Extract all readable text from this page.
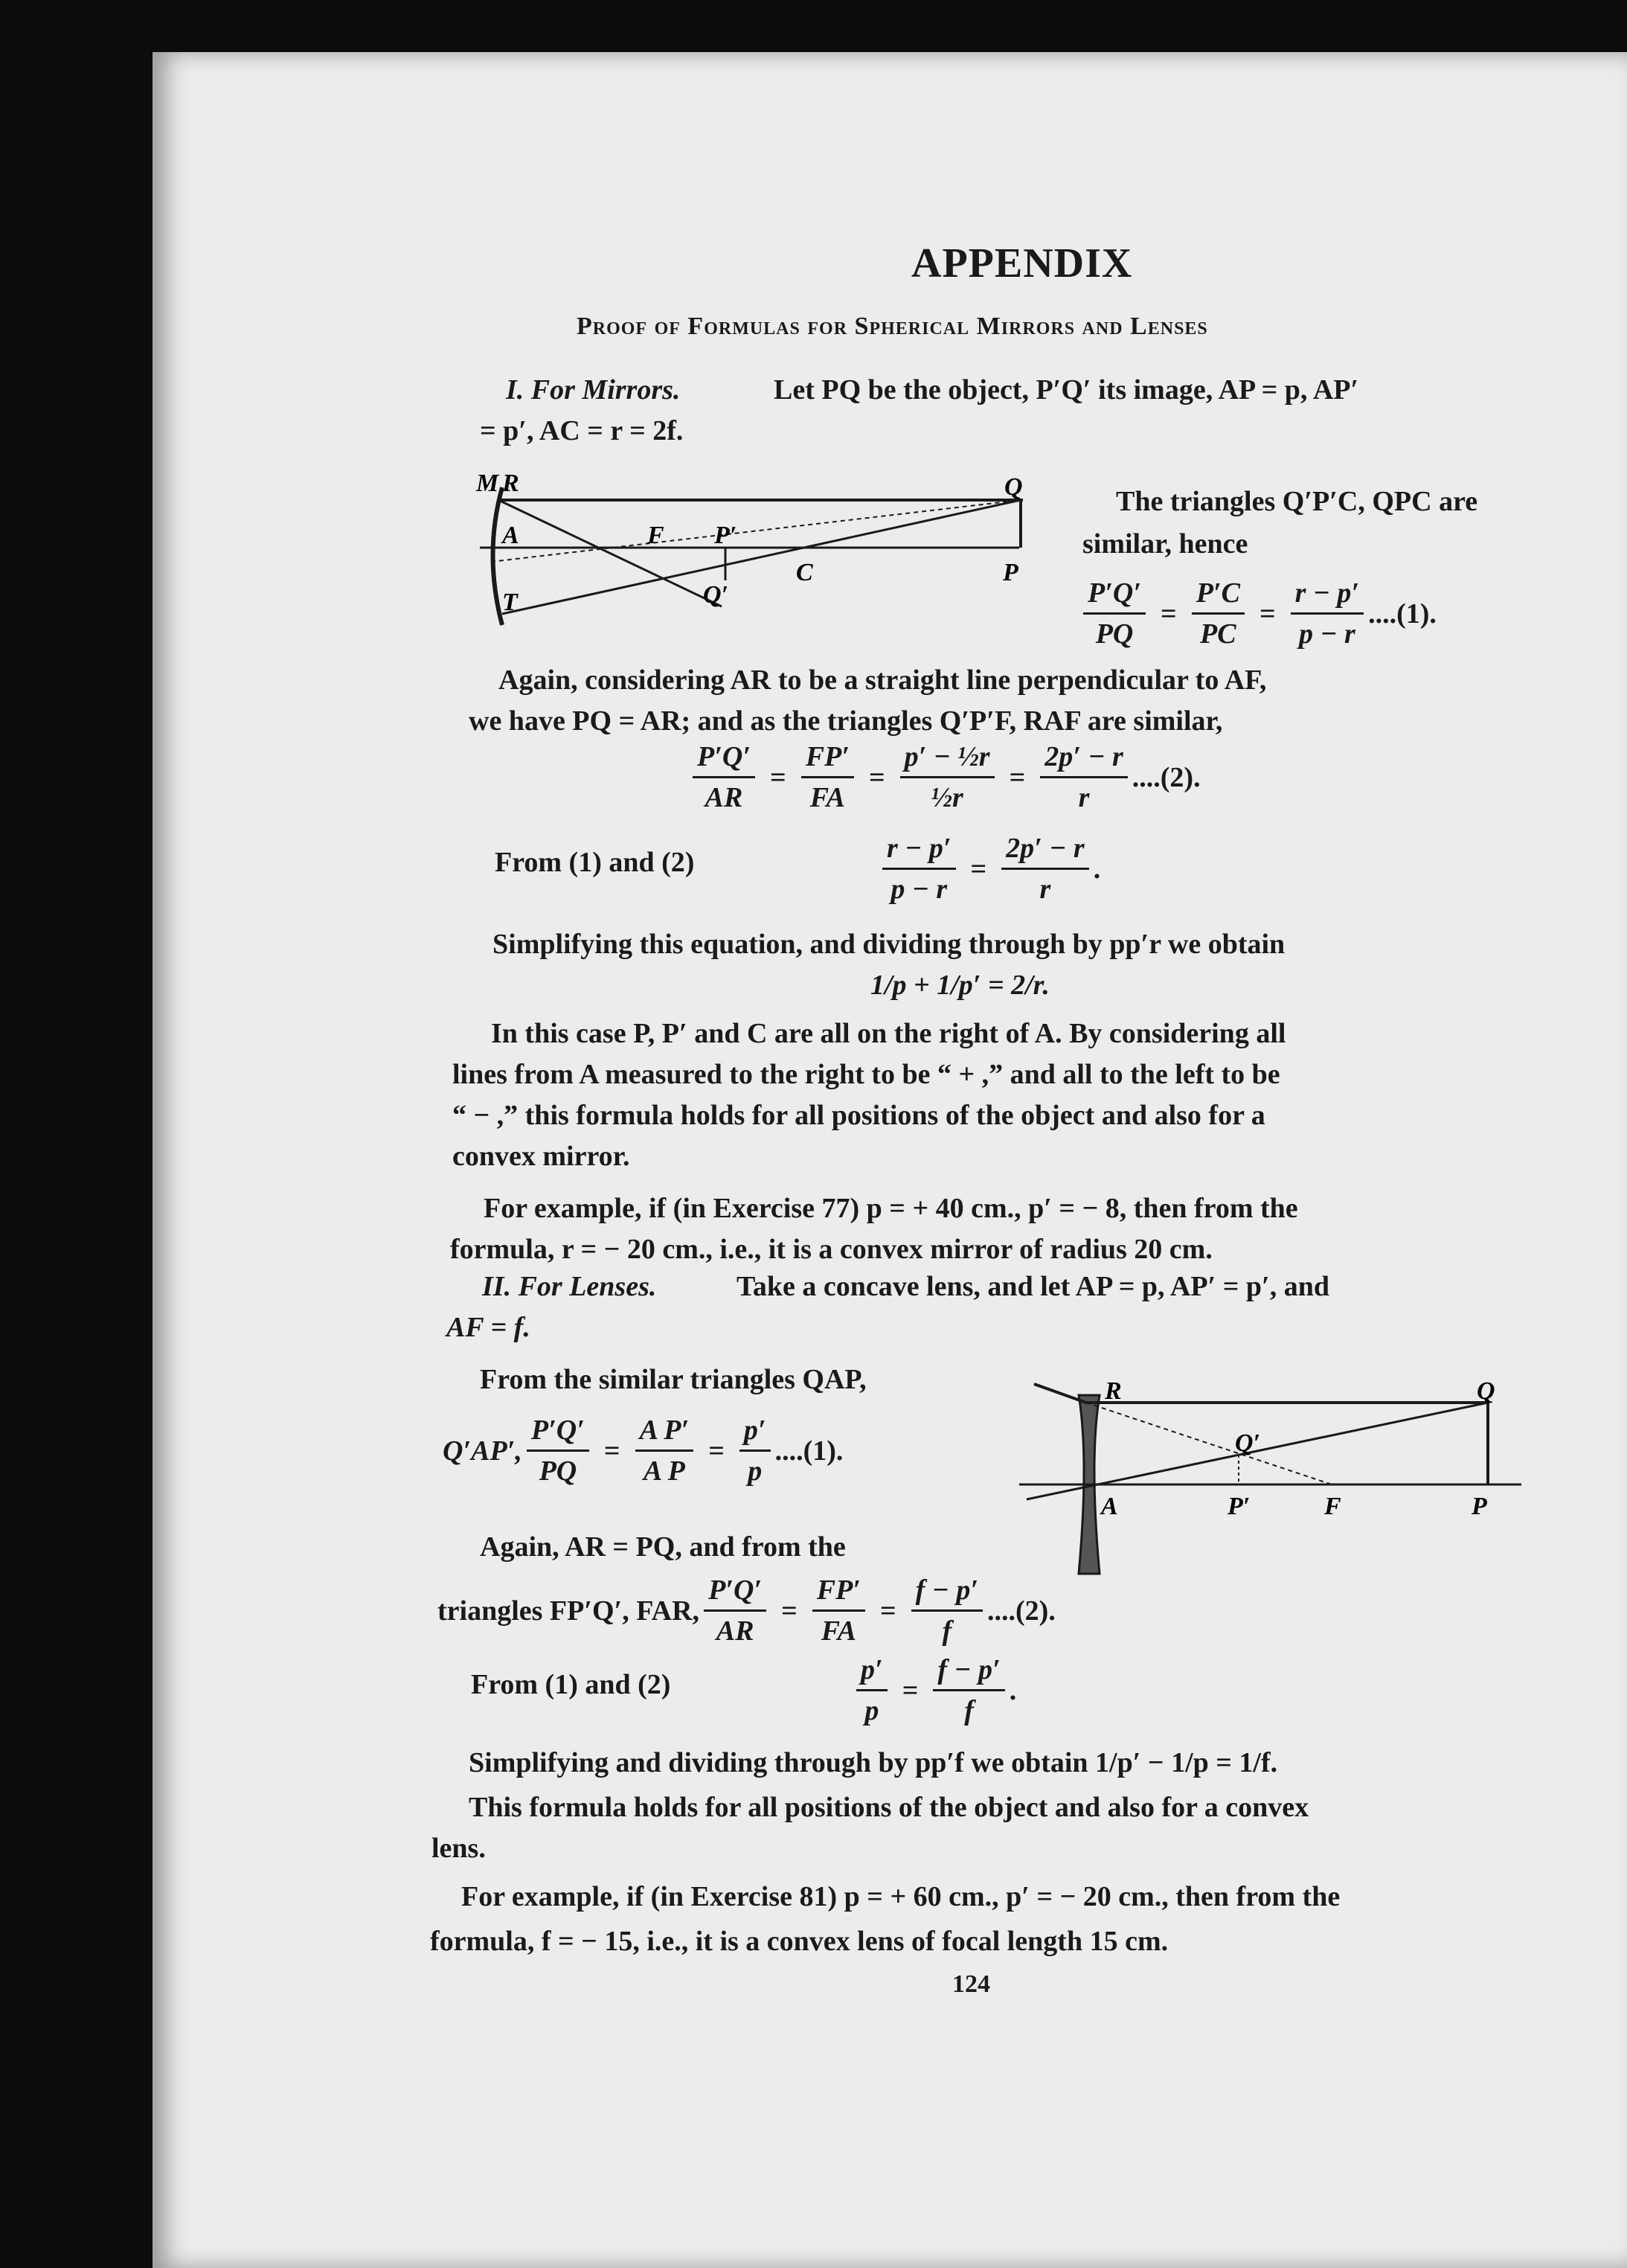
APPENDIX
Proof of Formulas for Spherical Mirrors and Lenses
I. For Mirrors.	Let PQ be the object, P′Q′ its image, AP = p, AP′
= p′, AC = r = 2f.
M R	Q
A	F P′
C	P
T	Q′
The triangles Q′P′C, QPC are
similar, hence
$\frac{P'Q'}{PQ} = \frac{P'C}{PC} = \frac{r - p'}{p - r} ....(1)$.
Again, considering AR to be a straight line perpendicular to AF,
we have PQ = AR; and as the triangles Q′P′F, RAF are similar,
$\frac{P'Q'}{AR} = \frac{FP'}{FA} = \frac{\text{p′ − ½r}}{\text{½r}} = \frac{2p' - r}{r} ....(2)$.
From (1) and (2)	$\frac{r - p'}{p - r} = \frac{2p' - r}{r}$ .
Simplifying this equation, and dividing through by pp′r we obtain
1/p + 1/p′ = 2/r.
In this case P, P′ and C are all on the right of A. By considering all
lines from A measured to the right to be “ + ,” and all to the left to be
“ − ,” this formula holds for all positions of the object and also for a
convex mirror.
For example, if (in Exercise 77) p = + 40 cm., p′ = − 8, then from the
formula, r = − 20 cm., i.e., it is a convex mirror of radius 20 cm.
II. For Lenses.	Take a concave lens, and let AP = p, AP′ = p′, and
AF = f.
From the similar triangles QAP,
Q′AP′, $\frac{P'Q'}{PQ} = \frac{\text{A P′}}{\text{A P}} = \frac{p'}{p} ....(1)$.
R	Q
Q′
A	P′	F	P
Again, AR = PQ, and from the
triangles FP′Q′, FAR, $\frac{P'Q'}{AR} = \frac{FP'}{FA} = \frac{f - p'}{f} ....(2)$.
From (1) and (2)	$\frac{p'}{p} = \frac{f - p'}{f}$ .
Simplifying and dividing through by pp′f we obtain 1/p′ − 1/p = 1/f.
This formula holds for all positions of the object and also for a convex
lens.
For example, if (in Exercise 81) p = + 60 cm., p′ = − 20 cm., then from the
formula, f = − 15, i.e., it is a convex lens of focal length 15 cm.
124
